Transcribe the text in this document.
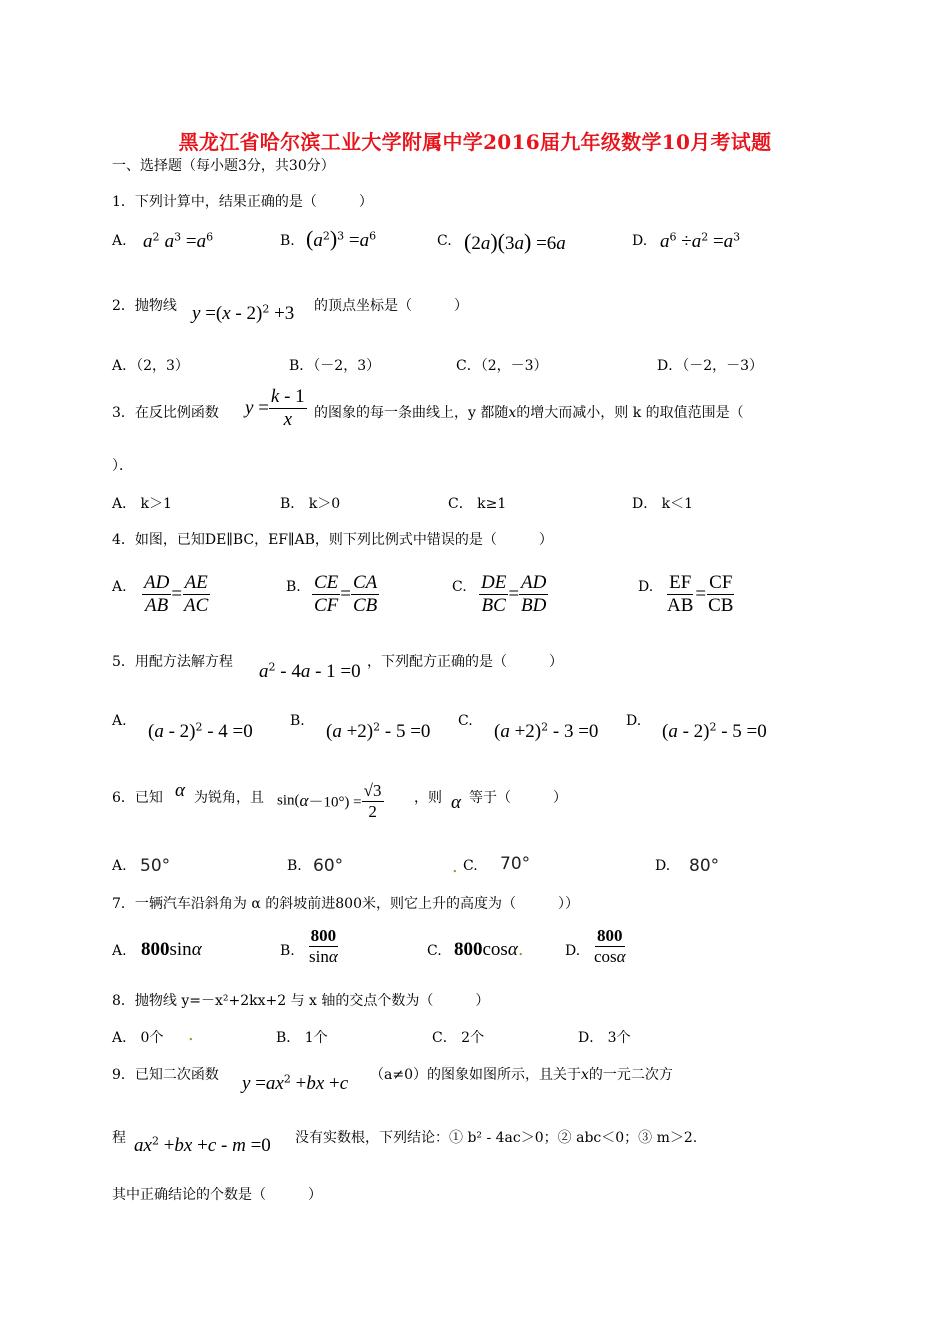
黑龙江省哈尔滨工业大学附属中学2016届九年级数学10月考试题
一、选择题（每小题3分，共30分）
1．下列计算中，结果正确的是（　　　）
A. $a^2$ $a^3 =a^6$	B. $(a^2)^3 =a^6$	C. (2a)(3a) =6a	D. $a^6 \div a^2 =a^3$
2．抛物线 y =(x - 2)$^2$ +3 的顶点坐标是（　　　）
A．（2，3）	B．（－2，3）	C．（2，－3）	D．（－2，－3）
3．在反比例函数 $y = \frac{k - 1}{x}$ 的图象的每一条曲线上，y 都随x的增大而减小，则 k 的取值范围是（
）．
A． k＞1	B． k＞0	C． k≥1	D． k＜1
4．如图，已知DE∥BC，EF∥AB，则下列比例式中错误的是（　　　）
A. $\frac{AD}{AB} = \frac{AE}{AC}$	B. $\frac{CE}{CF} = \frac{CA}{CB}$	C. $\frac{DE}{BC} = \frac{AD}{BD}$	D. $\frac{EF}{AB} = \frac{CF}{CB}$
5．用配方法解方程 $a^2 - 4a - 1 =0$ ，下列配方正确的是（　　　）
A. (a - 2)$^2$ - 4 =0	B. $(a +2)^2 - 5 =0$ C. $(a +2)^2 - 3 =0$ D. (a - 2)$^2$ - 5 =0
6．已知 α 为锐角，且 $\sin(\alpha-10^\circ) = \frac{√3}{2}$ ，则 α 等于（　　　）
A. 50°	B. 60°	. C. 70°	D. 80°
7．一辆汽车沿斜角为 α 的斜坡前进800米，则它上升的高度为（　　　））
A. 800sinα	B. $\frac{800}{\sin\alpha}$	C. 800cosα.	D. $\frac{800}{\cos\alpha}$
8．抛物线 y=－x²+2kx+2 与 x 轴的交点个数为（　　　）
A． 0个 .	B． 1个	C． 2个	D． 3个
9．已知二次函数 $y =ax^2 +bx +c$ （a≠0）的图象如图所示，且关于x的一元二次方
程 $ax^2 +bx +c - m =0$ 没有实数根，下列结论：① b² - 4ac＞0；② abc＜0；③ m＞2.
其中正确结论的个数是（　　　）
